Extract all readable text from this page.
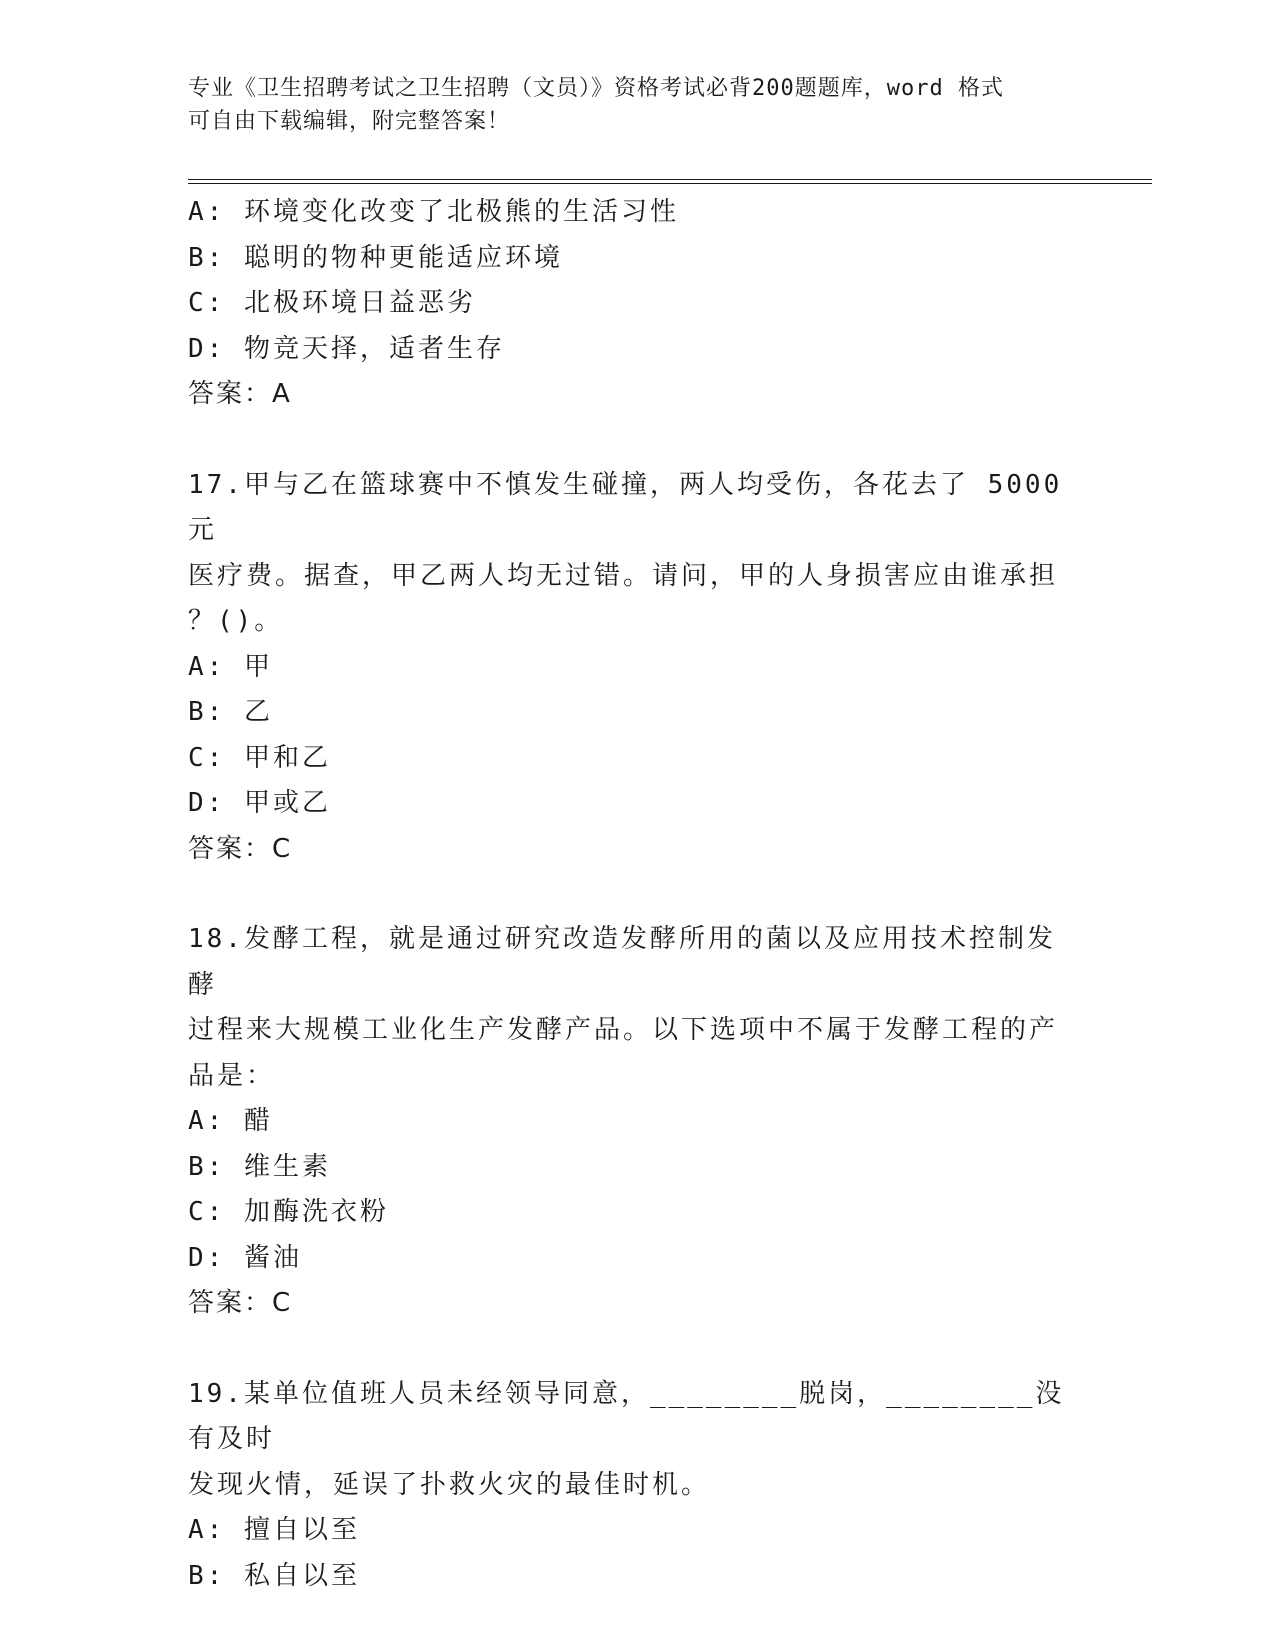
专业《卫生招聘考试之卫生招聘（文员）》资格考试必背200题题库，word 格式
可自由下载编辑，附完整答案！
A: 环境变化改变了北极熊的生活习性
B: 聪明的物种更能适应环境
C: 北极环境日益恶劣
D: 物竞天择，适者生存
答案：A
17.甲与乙在篮球赛中不慎发生碰撞，两人均受伤，各花去了 5000 元
医疗费。据查，甲乙两人均无过错。请问，甲的人身损害应由谁承担
？()。
A: 甲
B: 乙
C: 甲和乙
D: 甲或乙
答案：C
18.发酵工程，就是通过研究改造发酵所用的菌以及应用技术控制发酵
过程来大规模工业化生产发酵产品。以下选项中不属于发酵工程的产
品是：
A: 醋
B: 维生素
C: 加酶洗衣粉
D: 酱油
答案：C
19.某单位值班人员未经领导同意，________脱岗，________没有及时
发现火情，延误了扑救火灾的最佳时机。
A: 擅自以至
B: 私自以至
